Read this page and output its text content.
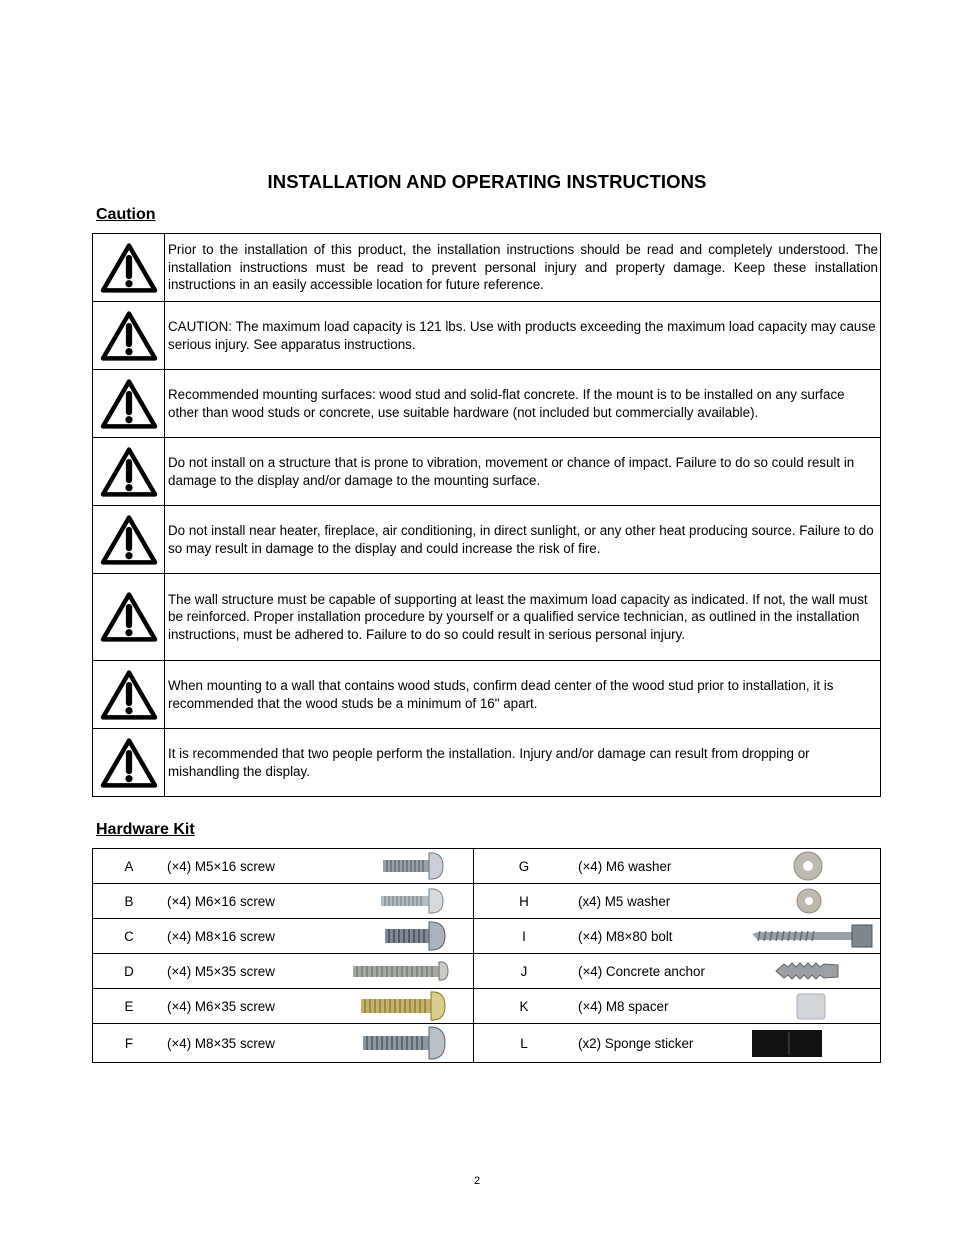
INSTALLATION AND OPERATING INSTRUCTIONS
Caution
	Prior to the installation of this product, the installation instructions should be read and completely understood. The installation instructions must be read to prevent personal injury and property damage. Keep these installation instructions in an easily accessible location for future reference.

	CAUTION: The maximum load capacity is 121 lbs. Use with products exceeding the maximum load capacity may cause serious injury. See apparatus instructions.

	Recommended mounting surfaces: wood stud and solid-flat concrete. If the mount is to be installed on any surface other than wood studs or concrete, use suitable hardware (not included but commercially available).

	Do not install on a structure that is prone to vibration, movement or chance of impact. Failure to do so could result in damage to the display and/or damage to the mounting surface.

	Do not install near heater, fireplace, air conditioning, in direct sunlight, or any other heat producing source. Failure to do so may result in damage to the display and could increase the risk of fire.

	The wall structure must be capable of supporting at least the maximum load capacity as indicated. If not, the wall must be reinforced. Proper installation procedure by yourself or a qualified service technician, as outlined in the installation instructions, must be adhered to. Failure to do so could result in serious personal injury.

	When mounting to a wall that contains wood studs, confirm dead center of the wood stud prior to installation, it is recommended that the wood studs be a minimum of 16" apart.

	It is recommended that two people perform the installation. Injury and/or damage can result from dropping or mishandling the display.
Hardware Kit
A	(×4) M5×16 screw		G	(×4) M6 washer	

B	(×4) M6×16 screw		H	(x4) M5 washer	

C	(×4) M8×16 screw		I	(×4) M8×80 bolt	

D	(×4) M5×35 screw		J	(×4) Concrete anchor	

E	(×4) M6×35 screw		K	(×4) M8 spacer	

F	(×4) M8×35 screw		L	(x2) Sponge sticker	
2
